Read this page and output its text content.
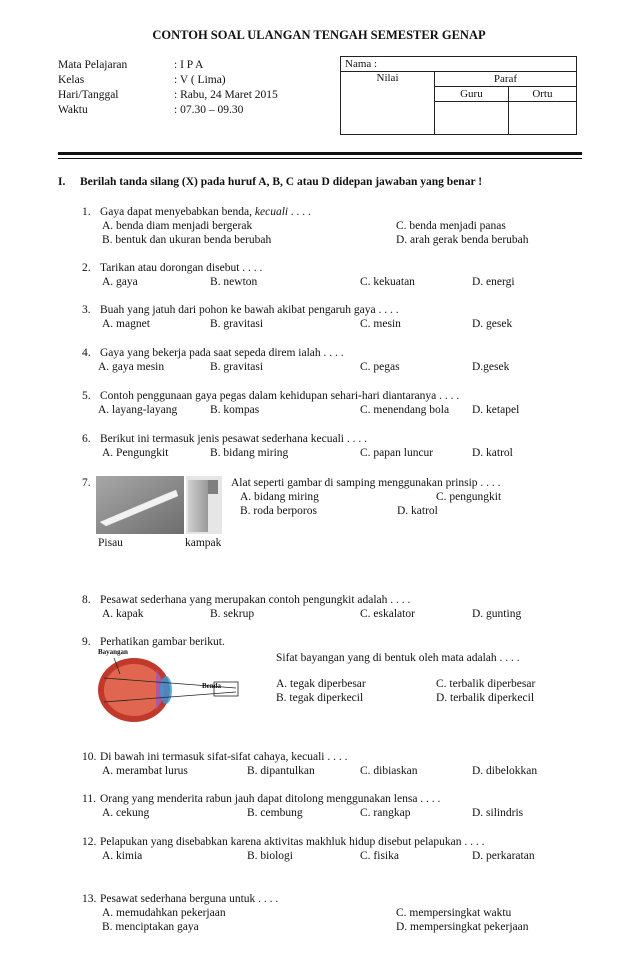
CONTOH SOAL ULANGAN TENGAH SEMESTER GENAP
Mata Pelajaran	: I P A
Kelas	: V ( Lima)
Hari/Tanggal	: Rabu, 24 Maret 2015
Waktu	: 07.30 – 09.30
Nama :		
Nilai	Paraf	
	Guru	Ortu

I. Berilah tanda silang (X) pada huruf A, B, C atau D didepan jawaban yang benar !
1. Gaya dapat menyebabkan benda, kecuali . . . .
A. benda diam menjadi bergerak	C. benda menjadi panas
B. bentuk dan ukuran benda berubah	D. arah gerak benda berubah
2. Tarikan atau dorongan disebut . . . .
A. gaya	B. newton	C. kekuatan	D. energi
3. Buah yang jatuh dari pohon ke bawah akibat pengaruh gaya . . . .
A. magnet	B. gravitasi	C. mesin	D. gesek
4. Gaya yang bekerja pada saat sepeda direm ialah . . . .
A. gaya mesin	B. gravitasi	C. pegas	D.gesek
5. Contoh penggunaan gaya pegas dalam kehidupan sehari-hari diantaranya . . . .
A. layang-layang	B. kompas	C. menendang bola D. ketapel
6. Berikut ini termasuk jenis pesawat sederhana kecuali . . . .
A. Pengungkit	B. bidang miring	C. papan luncur	D. katrol
7.
Pisau	kampak
Alat seperti gambar di samping menggunakan prinsip . . . .
A. bidang miring	C. pengungkit
B. roda berporos	D. katrol
8. Pesawat sederhana yang merupakan contoh pengungkit adalah . . . .
A. kapak	B. sekrup	C. eskalator	D. gunting
9. Perhatikan gambar berikut.
Bayangan
Benda
Sifat bayangan yang di bentuk oleh mata adalah . . . .
A. tegak diperbesar	C. terbalik diperbesar
B. tegak diperkecil	D. terbalik diperkecil
10. Di bawah ini termasuk sifat-sifat cahaya, kecuali . . . .
A. merambat lurus	B. dipantulkan	C. dibiaskan	D. dibelokkan
11. Orang yang menderita rabun jauh dapat ditolong menggunakan lensa . . . .
A. cekung	B. cembung	C. rangkap	D. silindris
12. Pelapukan yang disebabkan karena aktivitas makhluk hidup disebut pelapukan . . . .
A. kimia	B. biologi	C. fisika	D. perkaratan
13. Pesawat sederhana berguna untuk . . . .
A. memudahkan pekerjaan	C. mempersingkat waktu
B. menciptakan gaya	D. mempersingkat pekerjaan
